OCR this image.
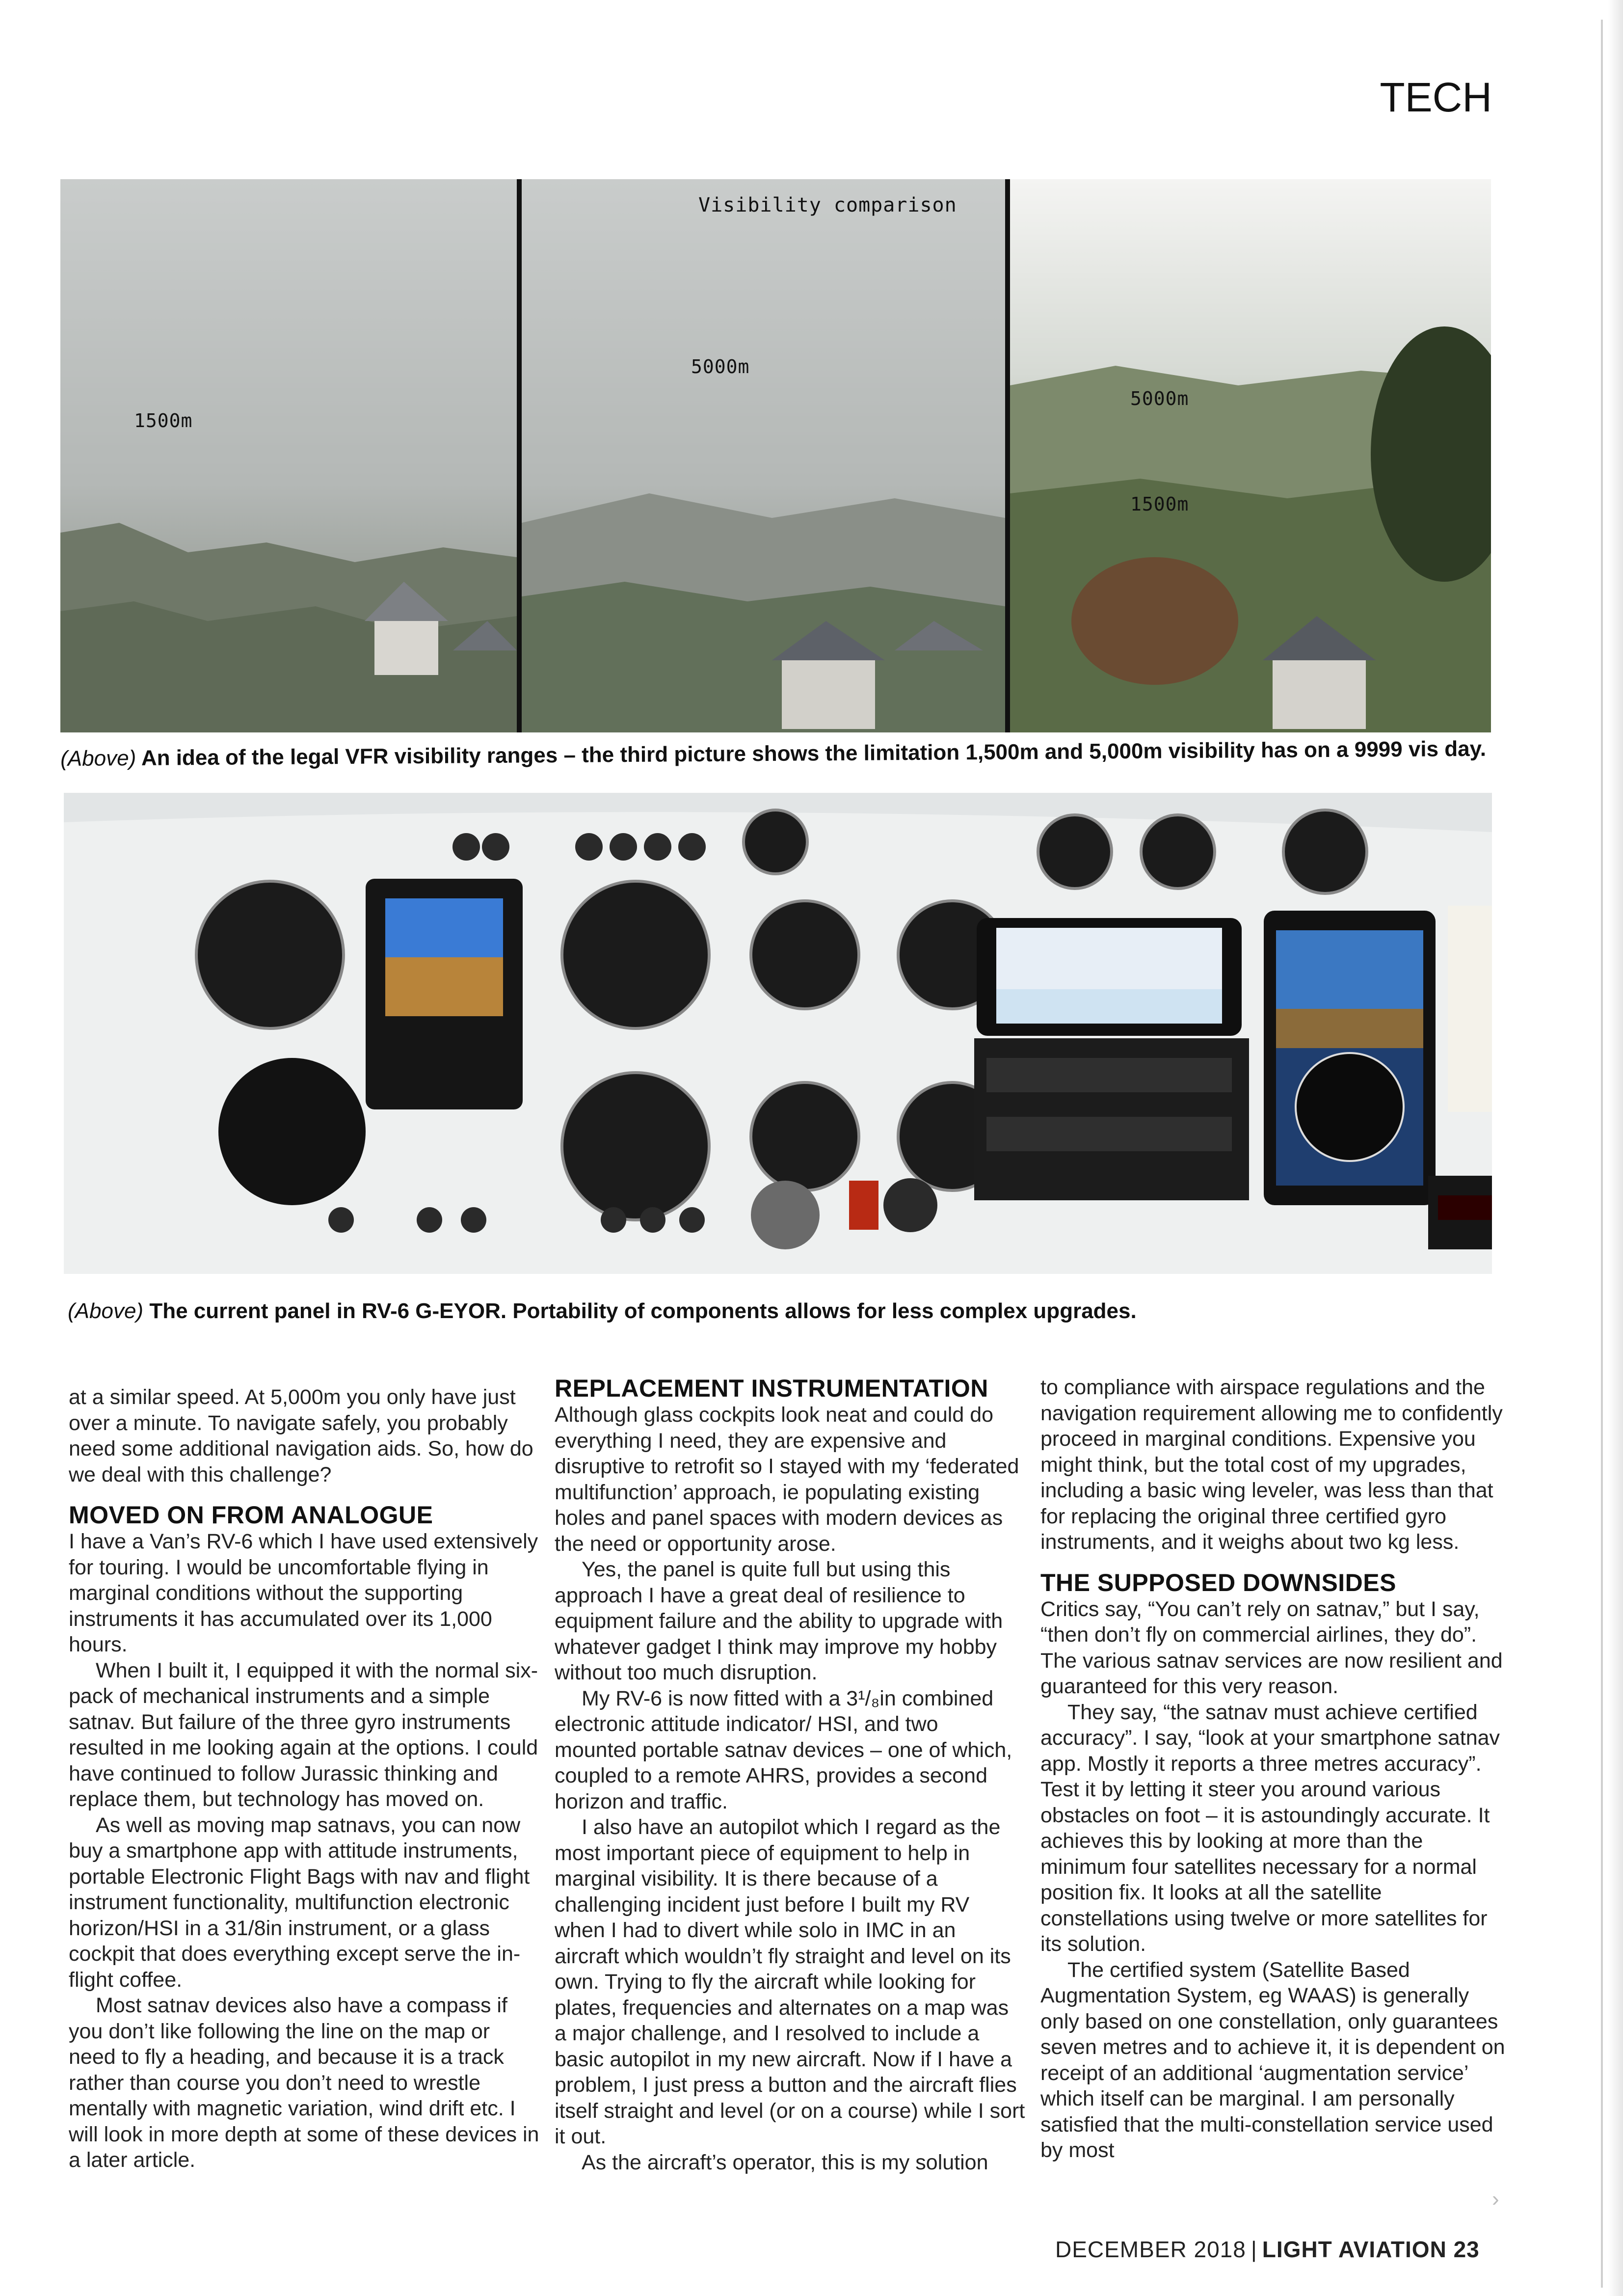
TECH
Visibility comparison
1500m
5000m
5000m
1500m
(Above) An idea of the legal VFR visibility ranges – the third picture shows the limitation 1,500m and 5,000m visibility has on a 9999 vis day.
(Above) The current panel in RV-6 G-EYOR. Portability of components allows for less complex upgrades.

at a similar speed. At 5,000m you only have just over a minute. To navigate safely, you probably need some additional navigation aids. So, how do we deal with this challenge?

MOVED ON FROM ANALOGUE

I have a Van’s RV-6 which I have used extensively for touring. I would be uncomfortable flying in marginal conditions without the supporting instruments it has accumulated over its 1,000 hours.

When I built it, I equipped it with the normal six-pack of mechanical instruments and a simple satnav. But failure of the three gyro instruments resulted in me looking again at the options. I could have continued to follow Jurassic thinking and replace them, but technology has moved on.

As well as moving map satnavs, you can now buy a smartphone app with attitude instruments, portable Electronic Flight Bags with nav and flight instrument functionality, multifunction electronic horizon/HSI in a 31/8in instrument, or a glass cockpit that does everything except serve the in-flight coffee.

Most satnav devices also have a compass if you don’t like following the line on the map or need to fly a heading, and because it is a track rather than course you don’t need to wrestle mentally with magnetic variation, wind drift etc. I will look in more depth at some of these devices in a later article.

REPLACEMENT INSTRUMENTATION

Although glass cockpits look neat and could do everything I need, they are expensive and disruptive to retrofit so I stayed with my ‘federated multifunction’ approach, ie populating existing holes and panel spaces with modern devices as the need or opportunity arose.

Yes, the panel is quite full but using this approach I have a great deal of resilience to equipment failure and the ability to upgrade with whatever gadget I think may improve my hobby without too much disruption.

My RV-6 is now fitted with a 3¹/₈in combined electronic attitude indicator/ HSI, and two mounted portable satnav devices – one of which, coupled to a remote AHRS, provides a second horizon and traffic.

I also have an autopilot which I regard as the most important piece of equipment to help in marginal visibility. It is there because of a challenging incident just before I built my RV when I had to divert while solo in IMC in an aircraft which wouldn’t fly straight and level on its own. Trying to fly the aircraft while looking for plates, frequencies and alternates on a map was a major challenge, and I resolved to include a basic autopilot in my new aircraft. Now if I have a problem, I just press a button and the aircraft flies itself straight and level (or on a course) while I sort it out.

As the aircraft’s operator, this is my solution

to compliance with airspace regulations and the navigation requirement allowing me to confidently proceed in marginal conditions. Expensive you might think, but the total cost of my upgrades, including a basic wing leveler, was less than that for replacing the original three certified gyro instruments, and it weighs about two kg less.

THE SUPPOSED DOWNSIDES

Critics say, “You can’t rely on satnav,” but I say, “then don’t fly on commercial airlines, they do”. The various satnav services are now resilient and guaranteed for this very reason.

They say, “the satnav must achieve certified accuracy”. I say, “look at your smartphone satnav app. Mostly it reports a three metres accuracy”. Test it by letting it steer you around various obstacles on foot – it is astoundingly accurate. It achieves this by looking at more than the minimum four satellites necessary for a normal position fix. It looks at all the satellite constellations using twelve or more satellites for its solution.

The certified system (Satellite Based Augmentation System, eg WAAS) is generally only based on one constellation, only guarantees seven metres and to achieve it, it is dependent on receipt of an additional ‘augmentation service’ which itself can be marginal. I am personally satisfied that the multi-constellation service used by most

›
DECEMBER 2018 | LIGHT AVIATION 23
